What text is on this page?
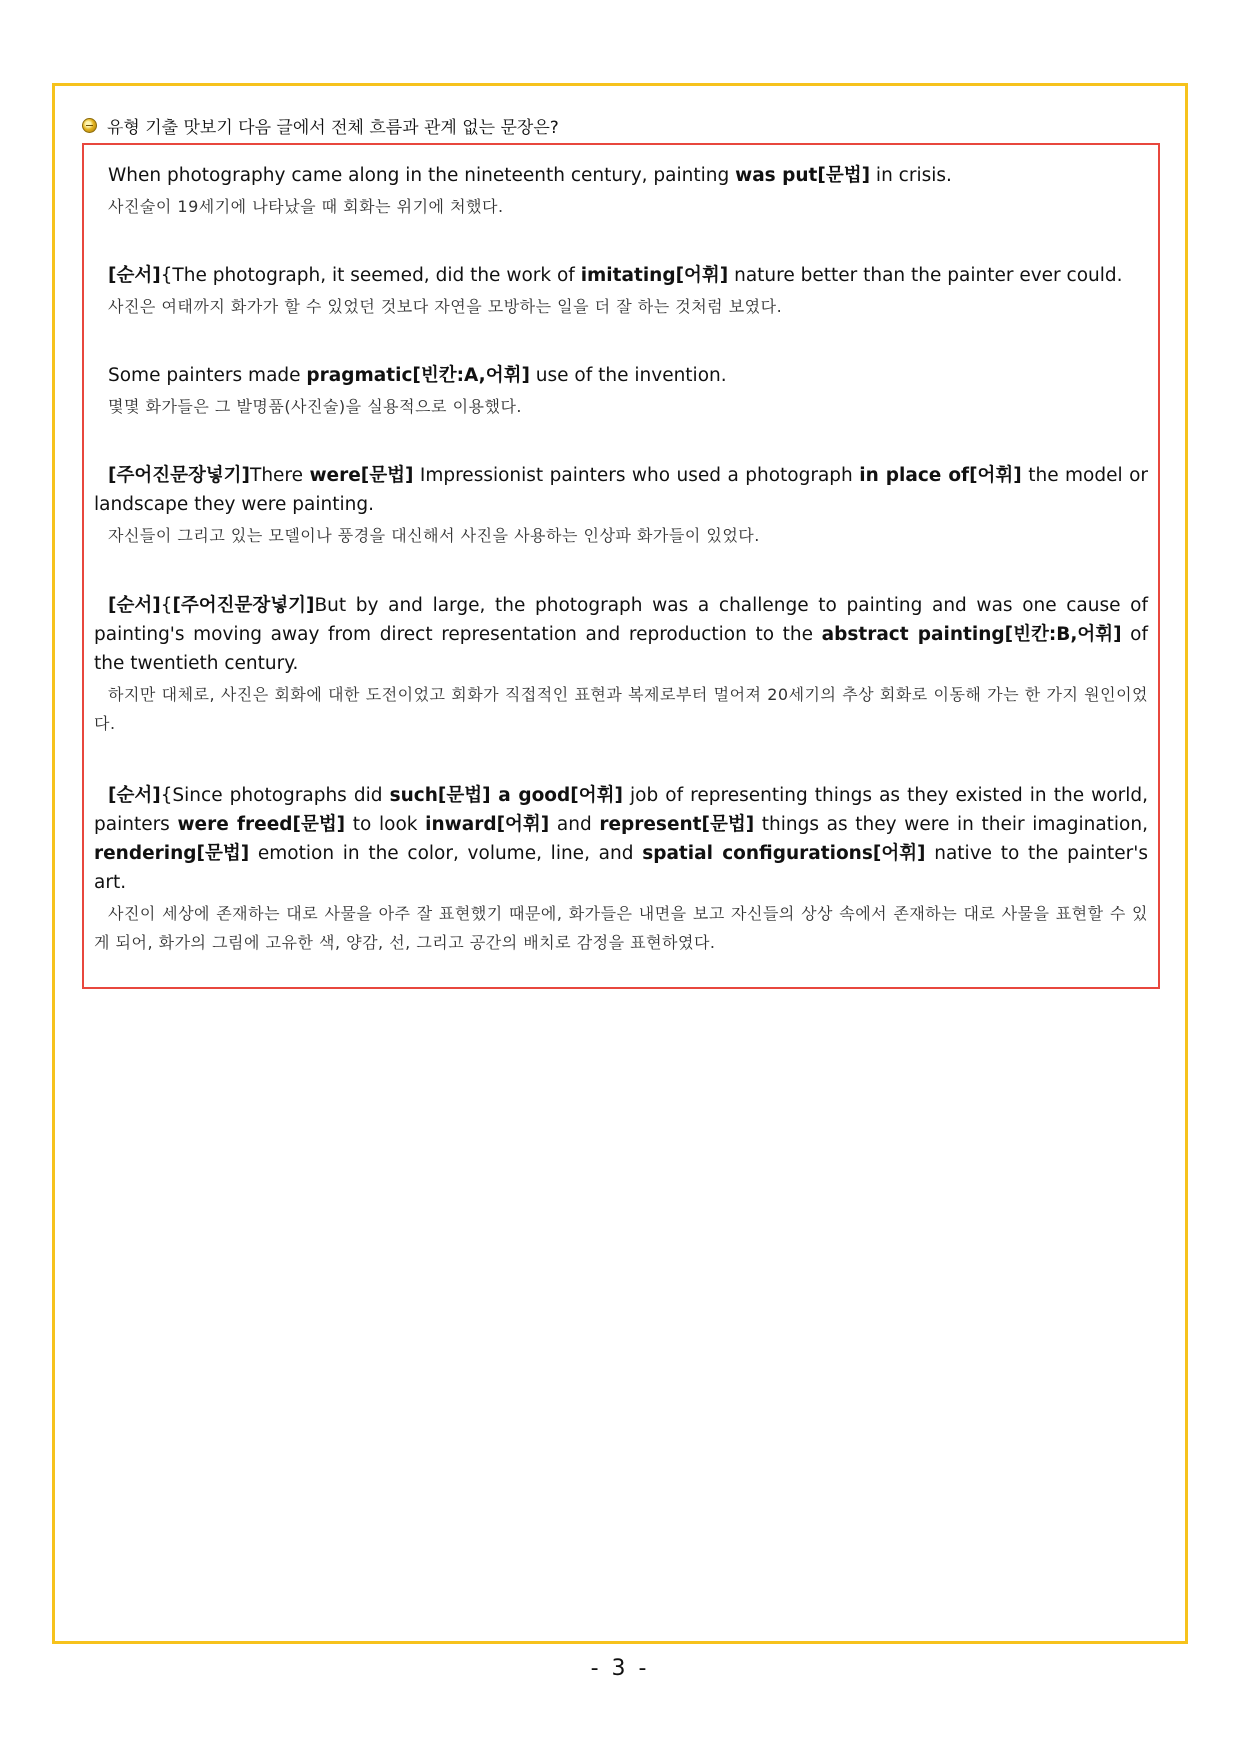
유형 기출 맛보기 다음 글에서 전체 흐름과 관계 없는 문장은?

When photography came along in the nineteenth century, painting was put[문법] in crisis.

사진술이 19세기에 나타났을 때 회화는 위기에 처했다.

[순서]{The photograph, it seemed, did the work of imitating[어휘] nature better than the painter ever could.

사진은 여태까지 화가가 할 수 있었던 것보다 자연을 모방하는 일을 더 잘 하는 것처럼 보였다.

Some painters made pragmatic[빈칸:A,어휘] use of the invention.

몇몇 화가들은 그 발명품(사진술)을 실용적으로 이용했다.

[주어진문장넣기]There were[문법] Impressionist painters who used a photograph in place of[어휘] the model or landscape they were painting.

자신들이 그리고 있는 모델이나 풍경을 대신해서 사진을 사용하는 인상파 화가들이 있었다.

[순서]{[주어진문장넣기]But by and large, the photograph was a challenge to painting and was one cause of painting's moving away from direct representation and reproduction to the abstract painting[빈칸:B,어휘] of the twentieth century.

하지만 대체로, 사진은 회화에 대한 도전이었고 회화가 직접적인 표현과 복제로부터 멀어져 20세기의 추상 회화로 이동해 가는 한 가지 원인이었다.

[순서]{Since photographs did such[문법] a good[어휘] job of representing things as they existed in the world, painters were freed[문법] to look inward[어휘] and represent[문법] things as they were in their imagination, rendering[문법] emotion in the color, volume, line, and spatial configurations[어휘] native to the painter's art.

사진이 세상에 존재하는 대로 사물을 아주 잘 표현했기 때문에, 화가들은 내면을 보고 자신들의 상상 속에서 존재하는 대로 사물을 표현할 수 있게 되어, 화가의 그림에 고유한 색, 양감, 선, 그리고 공간의 배치로 감정을 표현하였다.

- 3 -
